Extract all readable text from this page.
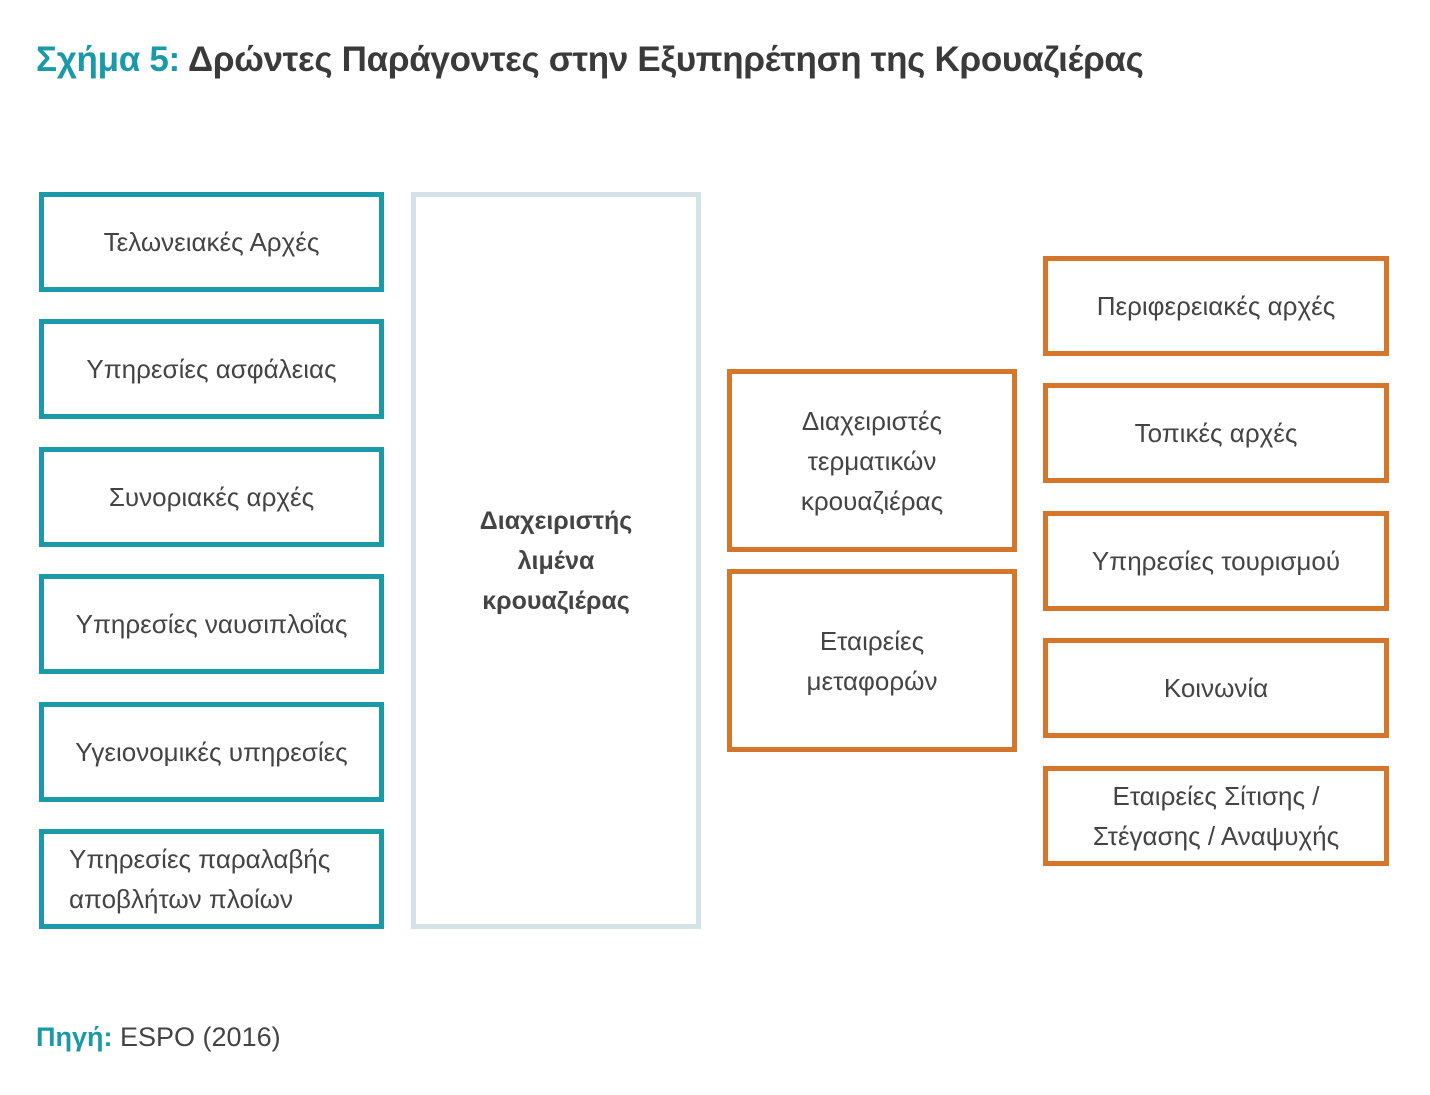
Σχήμα 5: Δρώντες Παράγοντες στην Εξυπηρέτηση της Κρουαζιέρας
Τελωνειακές Αρχές
Υπηρεσίες ασφάλειας
Συνοριακές αρχές
Υπηρεσίες ναυσιπλοΐας
Υγειονομικές υπηρεσίες
Υπηρεσίες παραλαβής αποβλήτων πλοίων
Διαχειριστής
λιμένα
κρουαζιέρας
Διαχειριστές
τερματικών
κρουαζιέρας
Εταιρείες
μεταφορών
Περιφερειακές αρχές
Τοπικές αρχές
Υπηρεσίες τουρισμού
Κοινωνία
Εταιρείες Σίτισης / Στέγασης / Αναψυχής
Πηγή: ESPO (2016)
